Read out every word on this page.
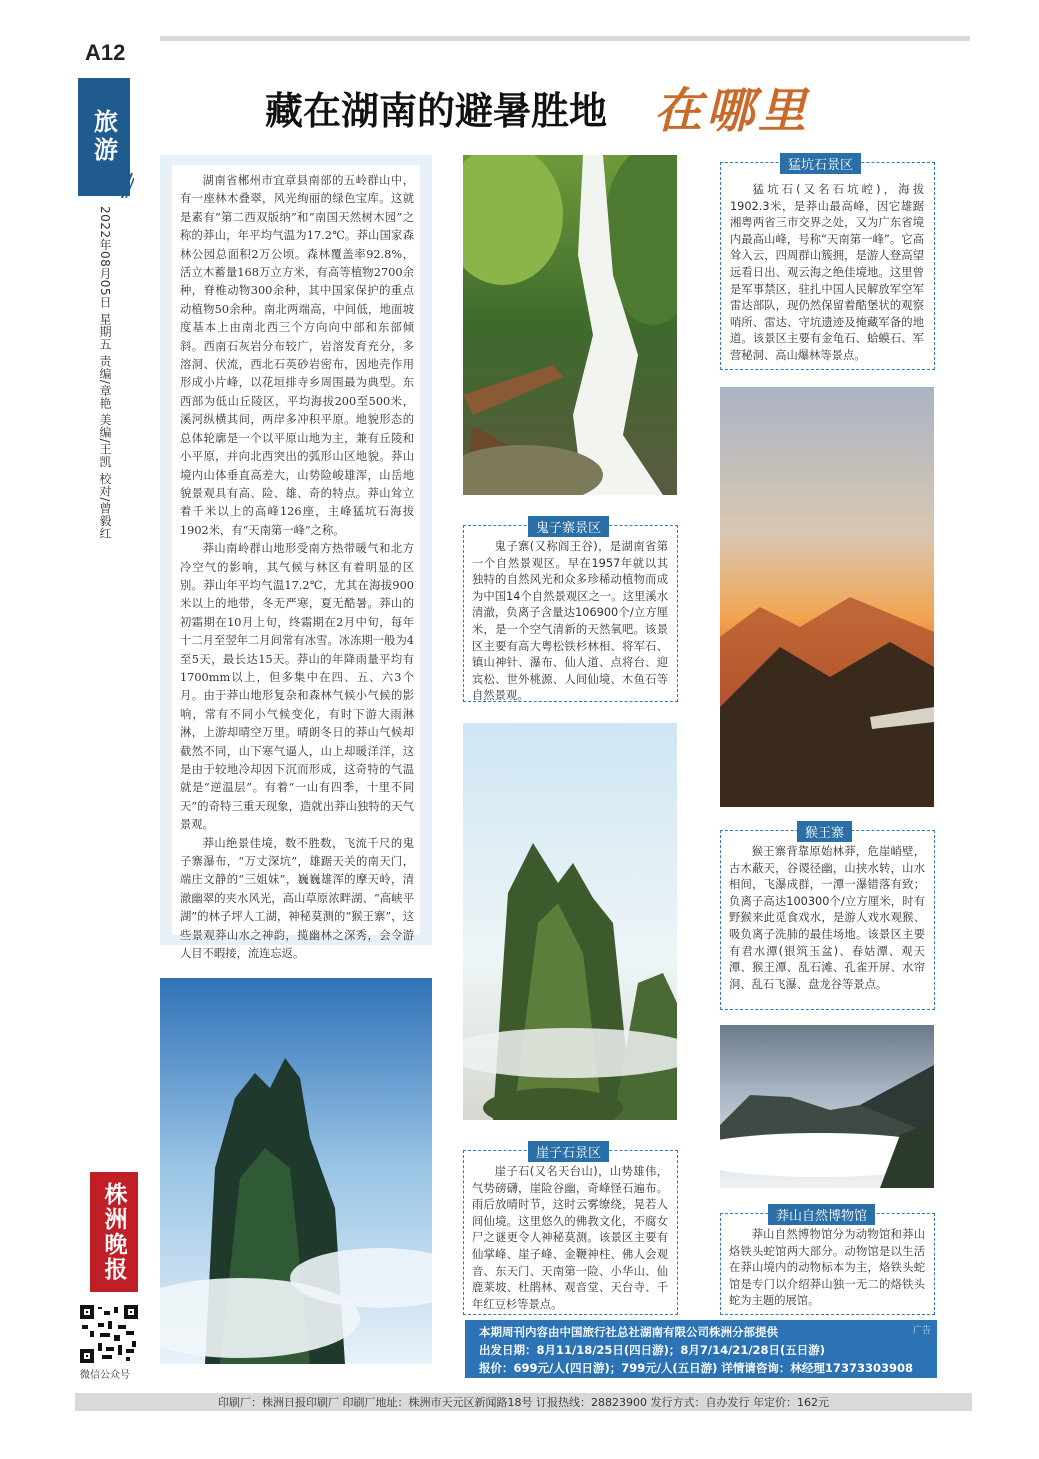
A12
旅游
2022年08月05日 星期五 责编/章艳 美编/王凯 校对/曾毅红
藏在湖南的避暑胜地 在哪里

湖南省郴州市宜章县南部的五岭群山中，有一座林木叠翠，风光绚丽的绿色宝库。这就是素有“第二西双版纳”和“南国天然树木园”之称的莽山，年平均气温为17.2℃。莽山国家森林公园总面积2万公顷。森林覆盖率92.8%，活立木蓄量168万立方米，有高等植物2700余种，脊椎动物300余种，其中国家保护的重点动植物50余种。南北两端高，中间低，地面坡度基本上由南北西三个方向向中部和东部倾斜。西南石灰岩分布较广，岩溶发育充分，多溶洞、伏流，西北石英砂岩密布，因地壳作用形成小片峰，以花垣排寺乡周围最为典型。东西部为低山丘陵区，平均海拔200至500米，溪河纵横其间，两岸多冲积平原。地貌形态的总体轮廓是一个以平原山地为主，兼有丘陵和小平原，并向北西突出的弧形山区地貌。莽山境内山体垂直高差大，山势险峻雄浑，山岳地貌景观具有高、险、雄、奇的特点。莽山耸立着千米以上的高峰126座，主峰猛坑石海拔1902米，有“天南第一峰”之称。

莽山南岭群山地形受南方热带暖气和北方冷空气的影响，其气候与林区有着明显的区别。莽山年平均气温17.2℃，尤其在海拔900米以上的地带，冬无严寒，夏无酷暑。莽山的初霜期在10月上旬，终霜期在2月中旬，每年十二月至翌年二月间常有冰雪。冰冻期一般为4至5天，最长达15天。莽山的年降雨量平均有1700mm以上，但多集中在四、五、六3个月。由于莽山地形复杂和森林气候小气候的影响，常有不同小气候变化，有时下游大雨淋淋，上游却晴空万里。晴朗冬日的莽山气候却截然不同，山下寒气逼人，山上却暖洋洋，这是由于较地冷却因下沉而形成，这奇特的气温就是“逆温层”。有着“一山有四季，十里不同天”的奇特三重天现象，造就出莽山独特的天气景观。

莽山绝景佳境，数不胜数，飞流千尺的鬼子寨瀑布，“万丈深坑”，雄踞天关的南天门，端庄文静的“三姐妹”，巍巍雄浑的摩天岭，清澈幽翠的夹水风光，高山草原浓畔湖、“高峡平湖”的林子坪人工湖，神秘莫测的“猴王寨”，这些景观莽山水之神韵，揽幽林之深秀，会令游人目不暇接，流连忘返。

猛坑石景区

猛坑石(又名石坑崆)，海拔1902.3米，是莽山最高峰，因它雄踞湘粤两省三市交界之处，又为广东省境内最高山峰，号称“天南第一峰”。它高耸入云，四周群山簇拥，是游人登高望远看日出、观云海之绝佳境地。这里曾是军事禁区，驻扎中国人民解放军空军雷达部队，现仍然保留着酷堡状的观察哨所、雷达、守坑遗迹及掩藏军备的地道。该景区主要有金龟石、蛤蟆石、军营秘洞、高山爆林等景点。

鬼子寨景区

鬼子寨(又称阎王谷)，是湖南省第一个自然景观区。早在1957年就以其独特的自然风光和众多珍稀动植物而成为中国14个自然景观区之一。这里溪水清澈，负离子含量达106900个/立方厘米，是一个空气清新的天然氧吧。该景区主要有高大粤松铁杉林相、将军石、镇山神针、瀑布、仙人道、点将台、迎宾松、世外桃源、人间仙境、木鱼石等自然景观。

猴王寨

猴王寨背靠原始林莽，危崖峭壁，古木蔽天，谷谡径幽，山挟水转，山水相间，飞瀑成群，一潭一瀑错落有致；负离子高达100300个/立方厘米，时有野猴来此觅食戏水，是游人戏水观猴、吸负离子洗肺的最佳场地。该景区主要有君水潭(银筑玉盆)、春姑潭、观天潭、猴王潭、乱石滩、孔雀开屏、水帘洞、乱石飞瀑、盘龙谷等景点。

崖子石景区

崖子石(又名天台山)，山势雄伟，气势磅礴，崖险谷幽，奇峰怪石遍布。雨后放晴时节，这时云雾缭绕，晃若人间仙境。这里悠久的佛教文化，不腐女尸之谜更令人神秘莫测。该景区主要有仙掌峰、崖子峰、金鞭神柱、佛人会观音、东天门、天南第一险、小华山、仙鹿莱坡、杜鹃林、观音堂、天台寺、千年红豆杉等景点。

莽山自然博物馆

莽山自然博物馆分为动物馆和莽山烙铁头蛇馆两大部分。动物馆是以生活在莽山境内的动物标本为主，烙铁头蛇馆是专门以介绍莽山独一无二的烙铁头蛇为主题的展馆。

广告
本期周刊内容由中国旅行社总社湖南有限公司株洲分部提供
出发日期：8月11/18/25日(四日游)；8月7/14/21/28日(五日游)
报价：699元/人(四日游)；799元/人(五日游) 详情请咨询：林经理17373303908
株洲晚报
微信公众号
印刷厂：株洲日报印刷厂 印刷厂地址：株洲市天元区新闻路18号 订报热线：28823900 发行方式：自办发行 年定价：162元
